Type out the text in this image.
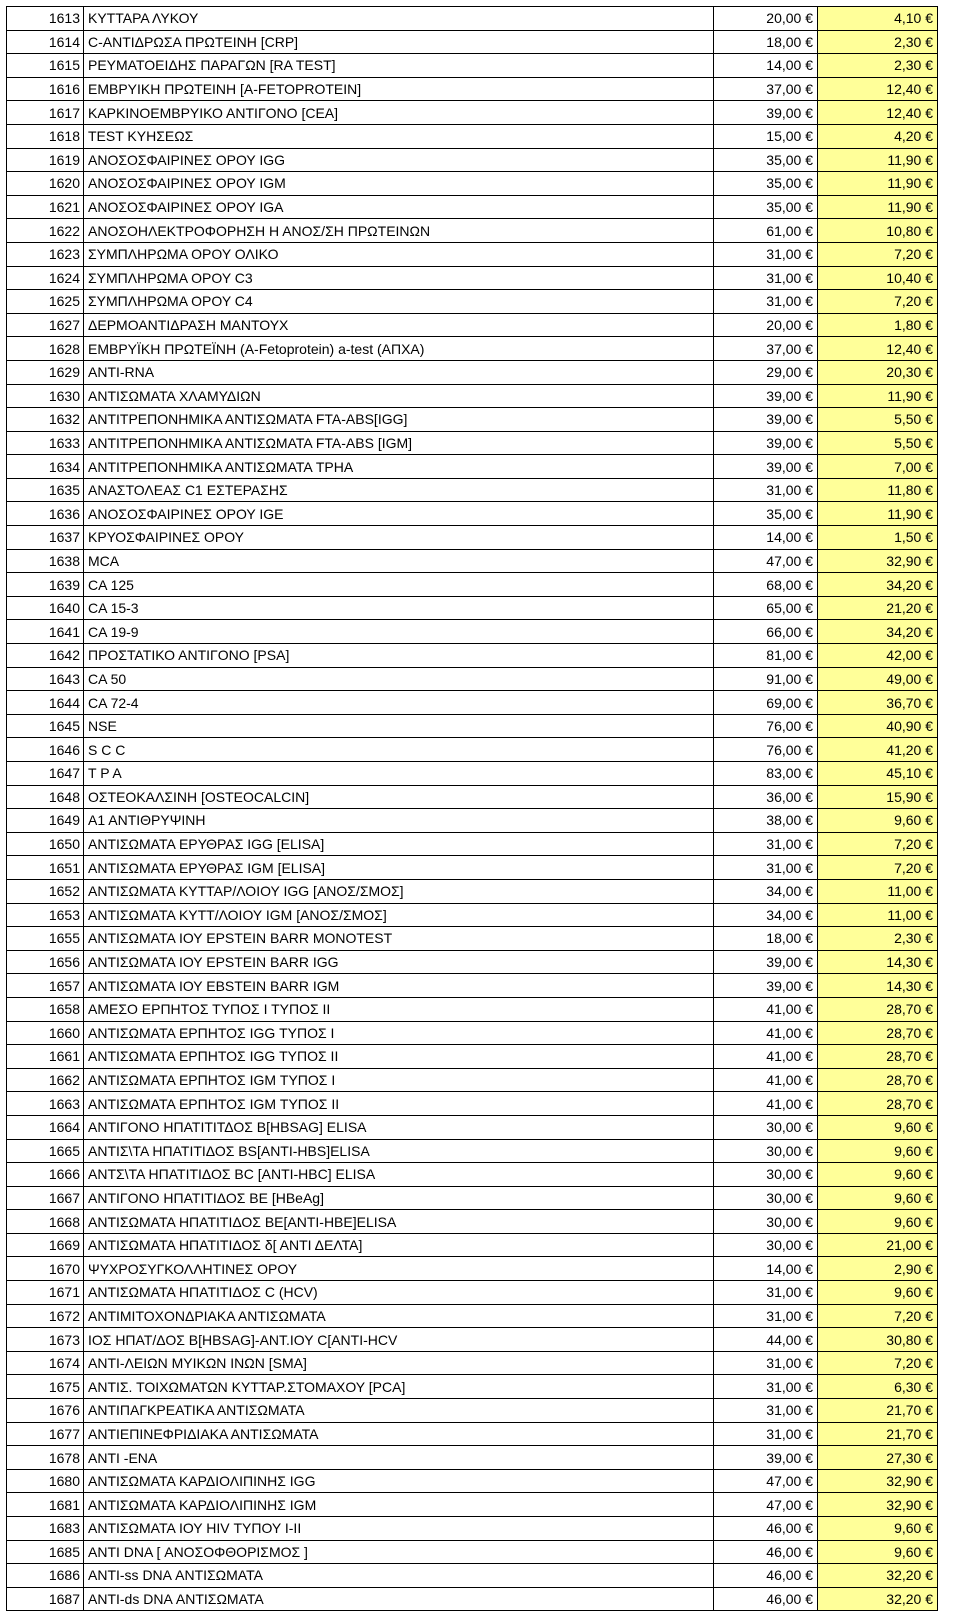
1613	ΚΥΤΤΑΡΑ ΛΥΚΟΥ	20,00 €	4,10 €
1614	C-ΑΝΤΙΔΡΩΣΑ ΠΡΩΤΕΙΝΗ [CRP]	18,00 €	2,30 €
1615	ΡΕΥΜΑΤΟΕΙΔΗΣ ΠΑΡΑΓΩΝ [RA TEST]	14,00 €	2,30 €
1616	ΕΜΒΡΥΙΚΗ ΠΡΩΤΕΙΝΗ [A-FETOPROTEIN]	37,00 €	12,40 €
1617	ΚΑΡΚΙΝΟΕΜΒΡΥΙΚΟ ΑΝΤΙΓΟΝΟ [CEA]	39,00 €	12,40 €
1618	TEST ΚΥΗΣΕΩΣ	15,00 €	4,20 €
1619	ΑΝΟΣΟΣΦΑΙΡΙΝΕΣ ΟΡΟΥ IGG	35,00 €	11,90 €
1620	ΑΝΟΣΟΣΦΑΙΡΙΝΕΣ ΟΡΟΥ IGM	35,00 €	11,90 €
1621	ΑΝΟΣΟΣΦΑΙΡΙΝΕΣ ΟΡΟΥ IGA	35,00 €	11,90 €
1622	ΑΝΟΣΟΗΛΕΚΤΡΟΦΟΡΗΣΗ Η ΑΝΟΣ/ΣΗ ΠΡΩΤΕΙΝΩΝ	61,00 €	10,80 €
1623	ΣΥΜΠΛΗΡΩΜΑ ΟΡΟΥ ΟΛΙΚΟ	31,00 €	7,20 €
1624	ΣΥΜΠΛΗΡΩΜΑ ΟΡΟΥ C3	31,00 €	10,40 €
1625	ΣΥΜΠΛΗΡΩΜΑ ΟΡΟΥ C4	31,00 €	7,20 €
1627	ΔΕΡΜΟΑΝΤΙΔΡΑΣΗ ΜΑΝΤΟΥΧ	20,00 €	1,80 €
1628	ΕΜΒΡΥΪΚΗ ΠΡΩΤΕΪΝΗ (A-Fetoprotein) a-test (ΑΠΧΑ)	37,00 €	12,40 €
1629	ΑΝΤΙ-RNA	29,00 €	20,30 €
1630	ΑΝΤΙΣΩΜΑΤΑ ΧΛΑΜΥΔΙΩΝ	39,00 €	11,90 €
1632	ΑΝΤΙΤΡΕΠΟΝΗΜΙΚΑ ΑΝΤΙΣΩΜΑΤΑ FTA-ABS[IGG]	39,00 €	5,50 €
1633	ΑΝΤΙΤΡΕΠΟΝΗΜΙΚΑ ΑΝΤΙΣΩΜΑΤΑ FTA-ABS [IGM]	39,00 €	5,50 €
1634	ΑΝΤΙΤΡΕΠΟΝΗΜΙΚΑ ΑΝΤΙΣΩΜΑΤΑ TPHA	39,00 €	7,00 €
1635	ΑΝΑΣΤΟΛΕΑΣ C1 ΕΣΤΕΡΑΣΗΣ	31,00 €	11,80 €
1636	ΑΝΟΣΟΣΦΑΙΡΙΝΕΣ ΟΡΟΥ IGE	35,00 €	11,90 €
1637	ΚΡΥΟΣΦΑΙΡΙΝΕΣ ΟΡΟΥ	14,00 €	1,50 €
1638	MCA	47,00 €	32,90 €
1639	CA 125	68,00 €	34,20 €
1640	CA 15-3	65,00 €	21,20 €
1641	CA 19-9	66,00 €	34,20 €
1642	ΠΡΟΣΤΑΤΙΚΟ ΑΝΤΙΓΟΝΟ [PSA]	81,00 €	42,00 €
1643	CA 50	91,00 €	49,00 €
1644	CA 72-4	69,00 €	36,70 €
1645	NSE	76,00 €	40,90 €
1646	S C C	76,00 €	41,20 €
1647	T P A	83,00 €	45,10 €
1648	ΟΣΤΕΟΚΑΛΣΙΝΗ [OSTEOCALCIN]	36,00 €	15,90 €
1649	Α1 ΑΝΤΙΘΡΥΨΙΝΗ	38,00 €	9,60 €
1650	ΑΝΤΙΣΩΜΑΤΑ ΕΡΥΘΡΑΣ IGG [ELISA]	31,00 €	7,20 €
1651	ΑΝΤΙΣΩΜΑΤΑ ΕΡΥΘΡΑΣ IGM [ELISA]	31,00 €	7,20 €
1652	ΑΝΤΙΣΩΜΑΤΑ ΚΥΤΤΑΡ/ΛΟΙΟΥ IGG [ΑΝΟΣ/ΣΜΟΣ]	34,00 €	11,00 €
1653	ΑΝΤΙΣΩΜΑΤΑ ΚΥΤΤ/ΛΟΙΟΥ IGM [ΑΝΟΣ/ΣΜΟΣ]	34,00 €	11,00 €
1655	ΑΝΤΙΣΩΜΑΤΑ ΙΟΥ EPSTEIN BARR MONOTEST	18,00 €	2,30 €
1656	ΑΝΤΙΣΩΜΑΤΑ ΙΟΥ EPSTEIN BARR IGG	39,00 €	14,30 €
1657	ΑΝΤΙΣΩΜΑΤΑ ΙΟΥ EBSTEIN BARR IGM	39,00 €	14,30 €
1658	ΑΜΕΣΟ ΕΡΠΗΤΟΣ ΤΥΠΟΣ Ι ΤΥΠΟΣ ΙΙ	41,00 €	28,70 €
1660	ΑΝΤΙΣΩΜΑΤΑ ΕΡΠΗΤΟΣ IGG ΤΥΠΟΣ Ι	41,00 €	28,70 €
1661	ΑΝΤΙΣΩΜΑΤΑ ΕΡΠΗΤΟΣ IGG ΤΥΠΟΣ ΙΙ	41,00 €	28,70 €
1662	ΑΝΤΙΣΩΜΑΤΑ ΕΡΠΗΤΟΣ IGM ΤΥΠΟΣ Ι	41,00 €	28,70 €
1663	ΑΝΤΙΣΩΜΑΤΑ ΕΡΠΗΤΟΣ IGM ΤΥΠΟΣ ΙΙ	41,00 €	28,70 €
1664	ΑΝΤΙΓΟΝΟ ΗΠΑΤΙΤΙΤΔΟΣ Β[HBSAG] ELISA	30,00 €	9,60 €
1665	ΑΝΤΙΣ\ΤΑ ΗΠΑΤΙΤΙΔΟΣ BS[ANTI-HBS]ELISA	30,00 €	9,60 €
1666	ΑΝΤΣ\ΤΑ ΗΠΑΤΙΤΙΔΟΣ BC [ANTI-HBC] ELISA	30,00 €	9,60 €
1667	ΑΝΤΙΓΟΝΟ ΗΠΑΤΙΤΙΔΟΣ ΒΕ [HBeAg]	30,00 €	9,60 €
1668	ΑΝΤΙΣΩΜΑΤΑ ΗΠΑΤΙΤΙΔΟΣ BE[ANTI-HBE]ELISA	30,00 €	9,60 €
1669	ΑΝΤΙΣΩΜΑΤΑ ΗΠΑΤΙΤΙΔΟΣ δ[ ΑΝΤΙ ΔΕΛΤΑ]	30,00 €	21,00 €
1670	ΨΥΧΡΟΣΥΓΚΟΛΛΗΤΙΝΕΣ ΟΡΟΥ	14,00 €	2,90 €
1671	ΑΝΤΙΣΩΜΑΤΑ ΗΠΑΤΙΤΙΔΟΣ C (HCV)	31,00 €	9,60 €
1672	ΑΝΤΙΜΙΤΟΧΟΝΔΡΙΑΚΑ ΑΝΤΙΣΩΜΑΤΑ	31,00 €	7,20 €
1673	ΙΟΣ ΗΠΑΤ/ΔΟΣ Β[HBSAG]-ΑΝΤ.ΙΟΥ C[ANTI-HCV	44,00 €	30,80 €
1674	ΑΝΤΙ-ΛΕΙΩΝ ΜΥΙΚΩΝ ΙΝΩΝ [SMA]	31,00 €	7,20 €
1675	ΑΝΤΙΣ. ΤΟΙΧΩΜΑΤΩΝ ΚΥΤΤΑΡ.ΣΤΟΜΑΧΟΥ [PCA]	31,00 €	6,30 €
1676	ΑΝΤΙΠΑΓΚΡΕΑΤΙΚΑ ΑΝΤΙΣΩΜΑΤΑ	31,00 €	21,70 €
1677	ΑΝΤΙΕΠΙΝΕΦΡΙΔΙΑΚΑ ΑΝΤΙΣΩΜΑΤΑ	31,00 €	21,70 €
1678	ΑΝΤΙ -ΕΝΑ	39,00 €	27,30 €
1680	ΑΝΤΙΣΩΜΑΤΑ ΚΑΡΔΙΟΛΙΠΙΝΗΣ IGG	47,00 €	32,90 €
1681	ΑΝΤΙΣΩΜΑΤΑ ΚΑΡΔΙΟΛΙΠΙΝΗΣ IGM	47,00 €	32,90 €
1683	ΑΝΤΙΣΩΜΑΤΑ ΙΟΥ HIV ΤΥΠΟΥ I-II	46,00 €	9,60 €
1685	ΑΝΤΙ DNA [ ΑΝΟΣΟΦΘΟΡΙΣΜΟΣ ]	46,00 €	9,60 €
1686	ANTI-ss DNA ΑΝΤΙΣΩΜΑΤΑ	46,00 €	32,20 €
1687	ANTI-ds DNA ΑΝΤΙΣΩΜΑΤΑ	46,00 €	32,20 €
